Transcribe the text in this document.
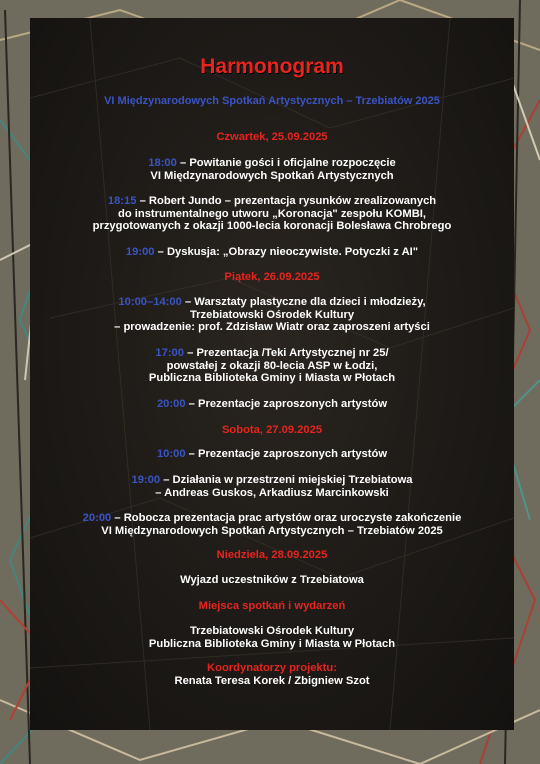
Harmonogram
VI Międzynarodowych Spotkań Artystycznych – Trzebiatów 2025
Czwartek, 25.09.2025
18:00 – Powitanie gości i oficjalne rozpoczęcie
VI Międzynarodowych Spotkań Artystycznych
18:15 – Robert Jundo – prezentacja rysunków zrealizowanych
do instrumentalnego utworu „Koronacja" zespołu KOMBI,
przygotowanych z okazji 1000-lecia koronacji Bolesława Chrobrego
19:00 – Dyskusja: „Obrazy nieoczywiste. Potyczki z AI"
Piątek, 26.09.2025
10:00–14:00 – Warsztaty plastyczne dla dzieci i młodzieży,
Trzebiatowski Ośrodek Kultury
– prowadzenie: prof. Zdzisław Wiatr oraz zaproszeni artyści
17:00 – Prezentacja /Teki Artystycznej nr 25/
powstałej z okazji 80-lecia ASP w Łodzi,
Publiczna Biblioteka Gminy i Miasta w Płotach
20:00 – Prezentacje zaproszonych artystów
Sobota, 27.09.2025
10:00 – Prezentacje zaproszonych artystów
19:00 – Działania w przestrzeni miejskiej Trzebiatowa
– Andreas Guskos, Arkadiusz Marcinkowski
20:00 – Robocza prezentacja prac artystów oraz uroczyste zakończenie
VI Międzynarodowych Spotkań Artystycznych – Trzebiatów 2025
Niedziela, 28.09.2025
Wyjazd uczestników z Trzebiatowa
Miejsca spotkań i wydarzeń
Trzebiatowski Ośrodek Kultury
Publiczna Biblioteka Gminy i Miasta w Płotach
Koordynatorzy projektu:
Renata Teresa Korek / Zbigniew Szot
